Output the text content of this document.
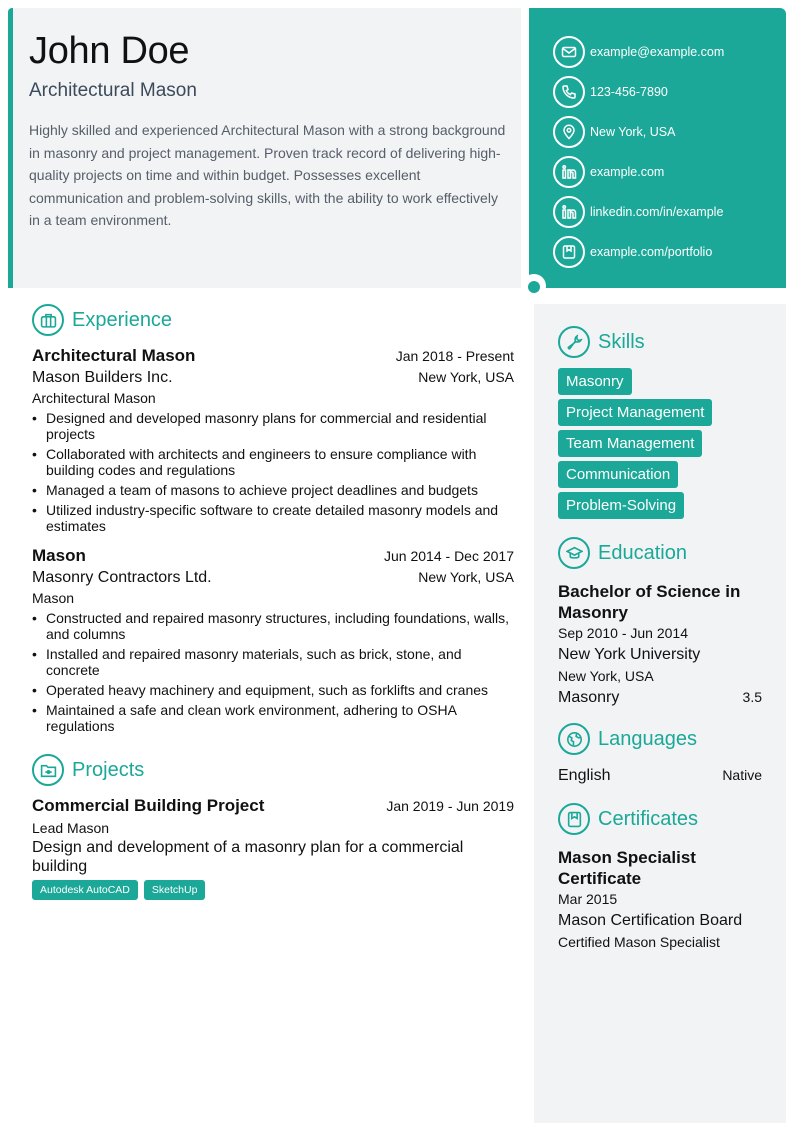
John Doe
Architectural Mason
Highly skilled and experienced Architectural Mason with a strong background in masonry and project management. Proven track record of delivering high-quality projects on time and within budget. Possesses excellent communication and problem-solving skills, with the ability to work effectively in a team environment.
example@example.com
123-456-7890
New York, USA
example.com
linkedin.com/in/example
example.com/portfolio
Experience
Architectural Mason	Jan 2018 - Present
Mason Builders Inc.	New York, USA
Architectural Mason
• Designed and developed masonry plans for commercial and residential projects
• Collaborated with architects and engineers to ensure compliance with building codes and regulations
• Managed a team of masons to achieve project deadlines and budgets
• Utilized industry-specific software to create detailed masonry models and estimates
Mason	Jun 2014 - Dec 2017
Masonry Contractors Ltd.	New York, USA
Mason
• Constructed and repaired masonry structures, including foundations, walls, and columns
• Installed and repaired masonry materials, such as brick, stone, and concrete
• Operated heavy machinery and equipment, such as forklifts and cranes
• Maintained a safe and clean work environment, adhering to OSHA regulations
Projects
Commercial Building Project	Jan 2019 - Jun 2019
Lead Mason
Design and development of a masonry plan for a commercial building
Autodesk AutoCAD SketchUp
Skills
Masonry
Project Management
Team Management
Communication
Problem-Solving
Education
Bachelor of Science in Masonry
Sep 2010 - Jun 2014
New York University
New York, USA
Masonry	3.5
Languages
English	Native
Certificates
Mason Specialist Certificate
Mar 2015
Mason Certification Board
Certified Mason Specialist
